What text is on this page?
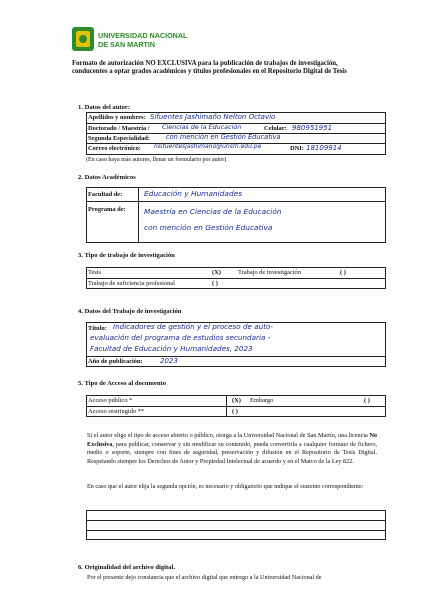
UNIVERSIDAD NACIONAL
DE SAN MARTIN
Formato de autorización NO EXCLUSIVA para la publicación de trabajos de investigación, conducentes a optar grados académicos y títulos profesionales en el Repositorio Digital de Tesis
1. Datos del autor:
Apellidos y nombres: Sifuentes Jashimaño Nelton Octavio
Doctorado / Maestría / Ciencias de la Educación	Celular: 980951951
Segunda Especialidad: con mención en Gestión Educativa
Correo electrónico: nsifuentesjashimano@unsm.edu.pe	DNI: 18109914
(En caso haya más autores, llenar un formulario por autor)
2. Datos Académicos
Facultad de:	Educación y Humanidades
Programa de: Maestría en Ciencias de la Educación
con mención en Gestión Educativa
3. Tipo de trabajo de investigación
Tesis	(X)	Trabajo de investigación	( )
Trabajo de suficiencia profesional	( )
4. Datos del Trabajo de investigación
Título: Indicadores de gestión y el proceso de auto-
evaluación del programa de estudios secundaria -
Facultad de Educación y Humanidades, 2023
Año de publicación: 2023
5. Tipo de Acceso al documento
Acceso público *	(X) Embargo	( )
Acceso restringido **	( )
Si el autor elige el tipo de acceso abierto o público, otorga a la Universidad Nacional de San Martín, una licencia No Exclusiva, para publicar, conservar y sin modificar su contenido, pueda convertirla a cualquier formato de fichero, medio o soporte, siempre con fines de seguridad, preservación y difusión en el Repositorio de Tesis Digital. Respetando siempre los Derechos de Autor y Propiedad Intelectual de acuerdo y en el Marco de la Ley 822.
En caso que el autor elija la segunda opción, es necesario y obligatorio que indique el sustento correspondiente:
6. Originalidad del archivo digital.
Por el presente dejo constancia que el archivo digital que entrego a la Universidad Nacional de
